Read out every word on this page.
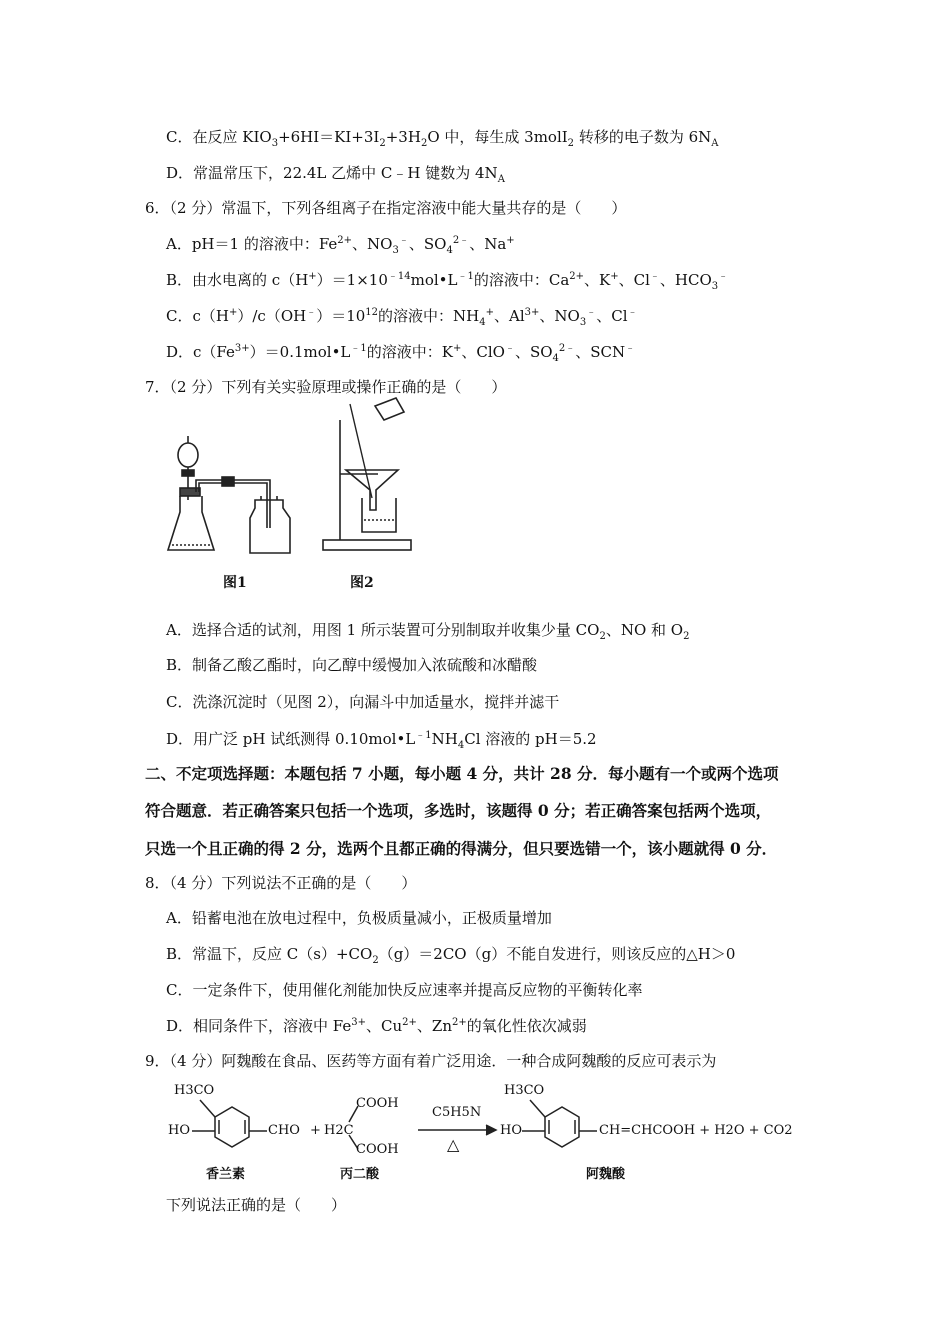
C．在反应 $KIO_3+6HI=KI+3I_2+3H_2O$ 中，每生成 3molI$_2$ 转移的电子数为 $6N_A$
D．常温常压下，22.4L 乙烯中 C﹣H 键数为 $4N_A$
6．（2 分）常温下，下列各组离子在指定溶液中能大量共存的是（　　）
A．pH＝1 的溶液中：$Fe^{2+}$、$NO_3^﹣$、$SO_4^{2﹣}$、Na+
B．由水电离的 $c(H^+)=1\times 10^{﹣14}mol•L^{﹣1}$的溶液中：$Ca^{2+}$、K+、Cl﹣、$HCO_3^﹣$
C．$c(H^+)/c(OH^﹣)=10^{12}$的溶液中：$NH_4^+$、$Al^{3+}$、$NO_3^﹣$、Cl﹣
D．$c(Fe^{3+})=0.1mol•L^{﹣1}$的溶液中：K+、ClO﹣、$SO_4^{2﹣}$、SCN﹣
7．（2 分）下列有关实验原理或操作正确的是（　　）
图1	图2
A．选择合适的试剂，用图 1 所示装置可分别制取并收集少量 $CO_2$、NO 和 $O_2$
B．制备乙酸乙酯时，向乙醇中缓慢加入浓硫酸和冰醋酸
C．洗涤沉淀时（见图 2），向漏斗中加适量水，搅拌并滤干
D．用广泛 pH 试纸测得 $0.10mol•L^{﹣1}NH_4Cl$ 溶液的 pH＝5.2
二、不定项选择题：本题包括 7 小题，每小题 4 分，共计 28 分．每小题有一个或两个选项
符合题意．若正确答案只包括一个选项，多选时，该题得 0 分；若正确答案包括两个选项，
只选一个且正确的得 2 分，选两个且都正确的得满分，但只要选错一个，该小题就得 0 分．
8．（4 分）下列说法不正确的是（　　）
A．铅蓄电池在放电过程中，负极质量减小，正极质量增加
B．常温下，反应 $C(s)+CO_2(g)=2CO(g)$不能自发进行，则该反应的△H＞0
C．一定条件下，使用催化剂能加快反应速率并提高反应物的平衡转化率
D．相同条件下，溶液中 $Fe^{3+}$、$Cu^{2+}$、$Zn^{2+}$的氧化性依次减弱
9．（4 分）阿魏酸在食品、医药等方面有着广泛用途．一种合成阿魏酸的反应可表示为
H3CO
HO	CHO + H2C
COOH
COOH
C5H5N
△
H3CO
HO	CH=CHCOOH + H2O + CO2
香兰素	丙二酸	阿魏酸
下列说法正确的是（　　）
